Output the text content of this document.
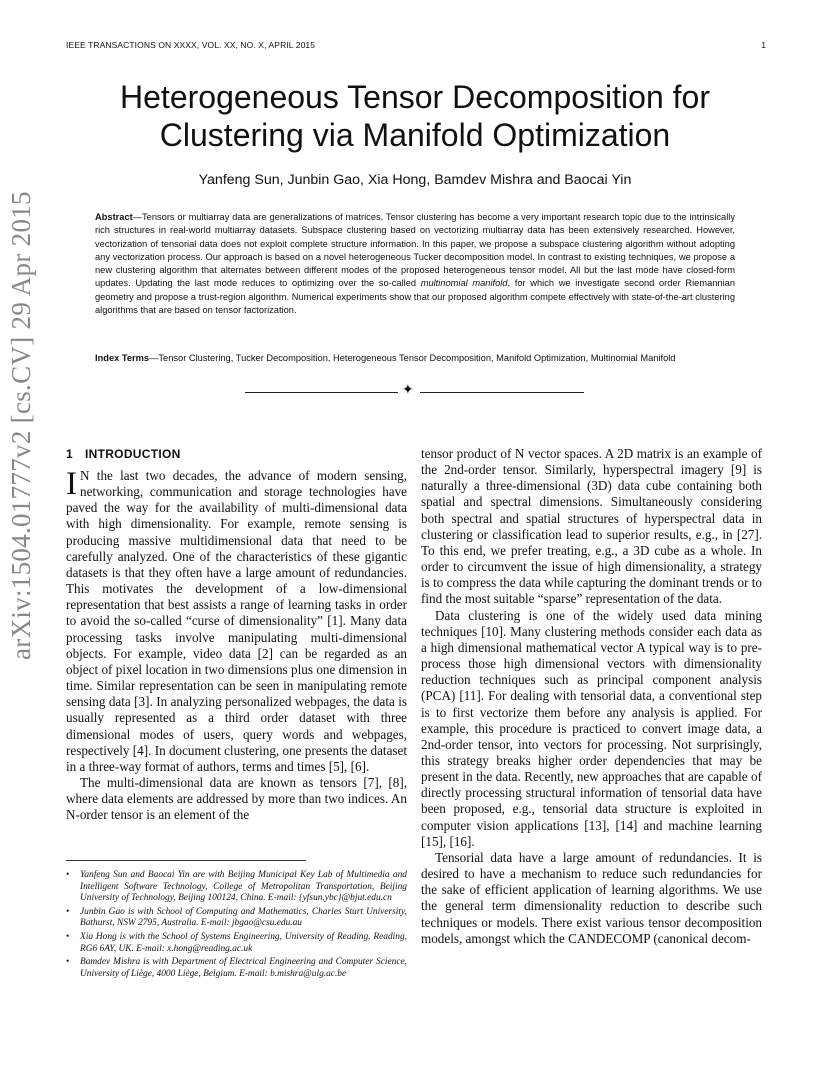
IEEE TRANSACTIONS ON XXXX, VOL. XX, NO. X, APRIL 2015	1
arXiv:1504.01777v2 [cs.CV] 29 Apr 2015
Heterogeneous Tensor Decomposition for
Clustering via Manifold Optimization
Yanfeng Sun, Junbin Gao, Xia Hong, Bamdev Mishra and Baocai Yin

Abstract—Tensors or multiarray data are generalizations of matrices. Tensor clustering has become a very important research topic due to the intrinsically rich structures in real-world multiarray datasets. Subspace clustering based on vectorizing multiarray data has been extensively researched. However, vectorization of tensorial data does not exploit complete structure information. In this paper, we propose a subspace clustering algorithm without adopting any vectorization process. Our approach is based on a novel heterogeneous Tucker decomposition model. In contrast to existing techniques, we propose a new clustering algorithm that alternates between different modes of the proposed heterogeneous tensor model. All but the last mode have closed-form updates. Updating the last mode reduces to optimizing over the so-called multinomial manifold, for which we investigate second order Riemannian geometry and propose a trust-region algorithm. Numerical experiments show that our proposed algorithm compete effectively with state-of-the-art clustering algorithms that are based on tensor factorization.

Index Terms—Tensor Clustering, Tucker Decomposition, Heterogeneous Tensor Decomposition, Manifold Optimization, Multinomial Manifold

✦
1 INTRODUCTION

I N the last two decades, the advance of modern sensing, networking, communication and storage technologies have paved the way for the availability of multi-dimensional data with high dimensionality. For example, remote sensing is producing massive multidimensional data that need to be carefully analyzed. One of the characteristics of these gigantic datasets is that they often have a large amount of redundancies. This motivates the development of a low-dimensional representation that best assists a range of learning tasks in order to avoid the so-called “curse of dimensionality” [1]. Many data processing tasks involve manipulating multi-dimensional objects. For example, video data [2] can be regarded as an object of pixel location in two dimensions plus one dimension in time. Similar representation can be seen in manipulating remote sensing data [3]. In analyzing personalized webpages, the data is usually represented as a third order dataset with three dimensional modes of users, query words and webpages, respectively [4]. In document clustering, one presents the dataset in a three-way format of authors, terms and times [5], [6].

The multi-dimensional data are known as tensors [7], [8], where data elements are addressed by more than two indices. An N-order tensor is an element of the

tensor product of N vector spaces. A 2D matrix is an example of the 2nd-order tensor. Similarly, hyperspectral imagery [9] is naturally a three-dimensional (3D) data cube containing both spatial and spectral dimensions. Simultaneously considering both spectral and spatial structures of hyperspectral data in clustering or classification lead to superior results, e.g., in [27]. To this end, we prefer treating, e.g., a 3D cube as a whole. In order to circumvent the issue of high dimensionality, a strategy is to compress the data while capturing the dominant trends or to find the most suitable “sparse” representation of the data.

Data clustering is one of the widely used data mining techniques [10]. Many clustering methods consider each data as a high dimensional mathematical vector A typical way is to pre-process those high dimensional vectors with dimensionality reduction techniques such as principal component analysis (PCA) [11]. For dealing with tensorial data, a conventional step is to first vectorize them before any analysis is applied. For example, this procedure is practiced to convert image data, a 2nd-order tensor, into vectors for processing. Not surprisingly, this strategy breaks higher order dependencies that may be present in the data. Recently, new approaches that are capable of directly processing structural information of tensorial data have been proposed, e.g., tensorial data structure is exploited in computer vision applications [13], [14] and machine learning [15], [16].

Tensorial data have a large amount of redundancies. It is desired to have a mechanism to reduce such redundancies for the sake of efficient application of learning algorithms. We use the general term dimensionality reduction to describe such techniques or models. There exist various tensor decomposition models, amongst which the CANDECOMP (canonical decom-

• Yanfeng Sun and Baocai Yin are with Beijing Municipal Key Lab of Multimedia and Intelligent Software Technology, College of Metropolitan Transportation, Beijing University of Technology, Beijing 100124, China. E-mail: {yfsun,ybc}@bjut.edu.cn
• Junbin Gao is with School of Computing and Mathematics, Charles Sturt University, Bathurst, NSW 2795, Australia. E-mail: jbgao@csu.edu.au
• Xia Hong is with the School of Systems Engineering, University of Reading, Reading, RG6 6AY, UK. E-mail: x.hong@reading.ac.uk
• Bamdev Mishra is with Department of Electrical Engineering and Computer Science, University of Liège, 4000 Liège, Belgium. E-mail: b.mishra@ulg.ac.be
